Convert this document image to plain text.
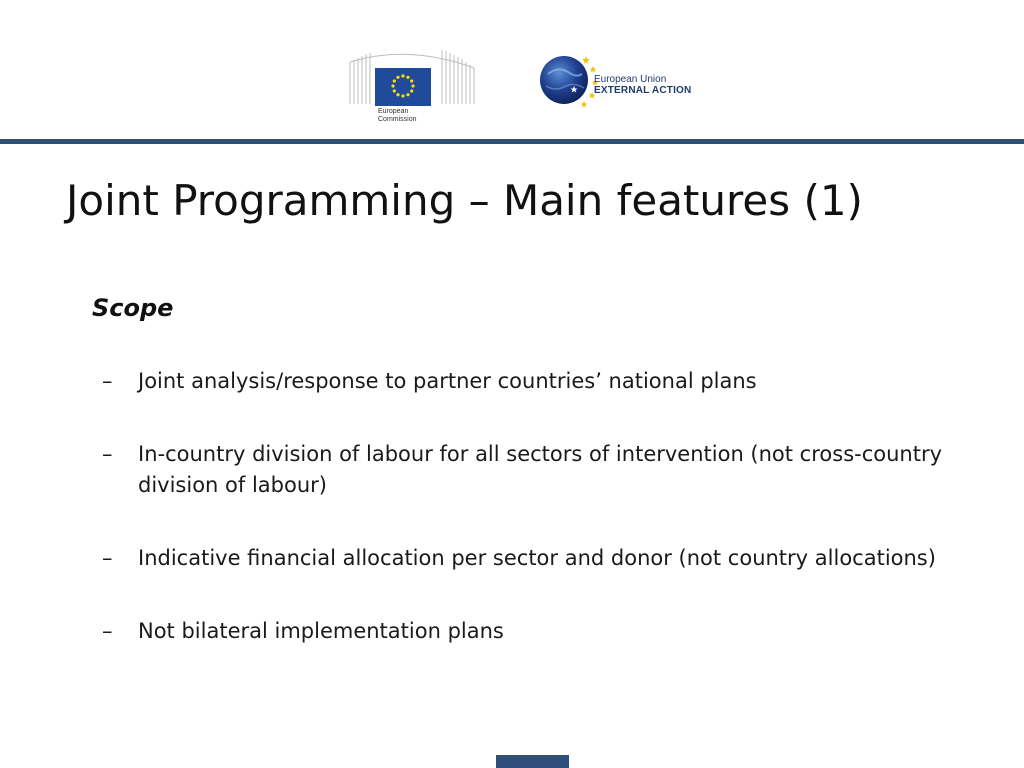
European
Commission
European Union
EXTERNAL ACTION
Joint Programming – Main features (1)
Scope
– Joint analysis/response to partner countries’ national plans
– In-country division of labour for all sectors of intervention (not cross-country division of labour)
– Indicative financial allocation per sector and donor (not country allocations)
– Not bilateral implementation plans
